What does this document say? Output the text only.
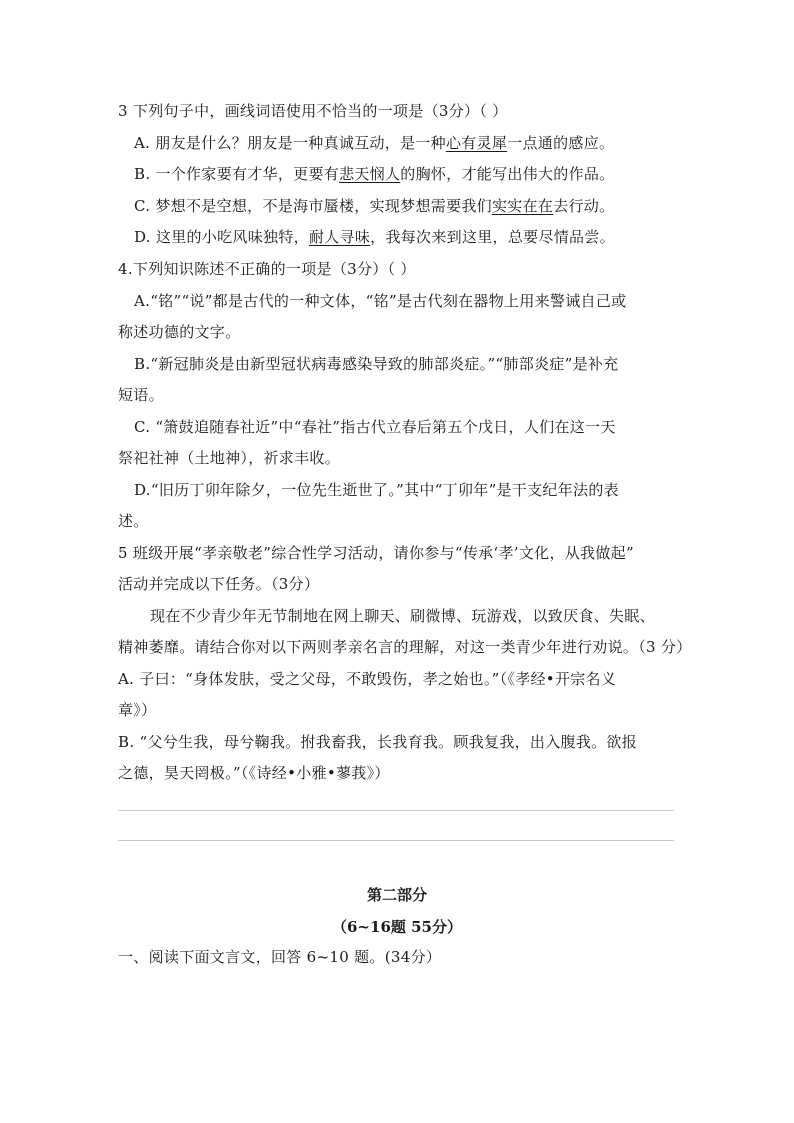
3 下列句子中，画线词语使用不恰当的一项是（3分）（ ）
A. 朋友是什么？朋友是一种真诚互动，是一种心有灵犀一点通的感应。
B. 一个作家要有才华，更要有悲天悯人的胸怀，才能写出伟大的作品。
C. 梦想不是空想，不是海市蜃楼，实现梦想需要我们实实在在去行动。
D. 这里的小吃风味独特，耐人寻味，我每次来到这里，总要尽情品尝。
4.下列知识陈述不正确的一项是（3分）（ ）
A.“铭”“说”都是古代的一种文体，“铭”是古代刻在器物上用来警诫自己或
称述功德的文字。
B.“新冠肺炎是由新型冠状病毒感染导致的肺部炎症。”“肺部炎症”是补充
短语。
C. “箫鼓追随春社近”中“春社”指古代立春后第五个戊日，人们在这一天
祭祀社神（土地神），祈求丰收。
D.“旧历丁卯年除夕，一位先生逝世了。”其中“丁卯年”是干支纪年法的表
述。
5 班级开展“孝亲敬老”综合性学习活动，请你参与“传承‘孝’文化，从我做起”
活动并完成以下任务。（3分）
现在不少青少年无节制地在网上聊天、刷微博、玩游戏，以致厌食、失眠、
精神萎靡。请结合你对以下两则孝亲名言的理解，对这一类青少年进行劝说。（3 分）
A. 子曰：“身体发肤，受之父母，不敢毁伤，孝之始也。”（《孝经•开宗名义
章》）
B. “父兮生我，母兮鞠我。拊我畜我，长我育我。顾我复我，出入腹我。欲报
之德，昊天罔极。”（《诗经•小雅•蓼莪》）
第二部分
（6~16题 55分）
一、阅读下面文言文，回答 6~10 题。(34分）
